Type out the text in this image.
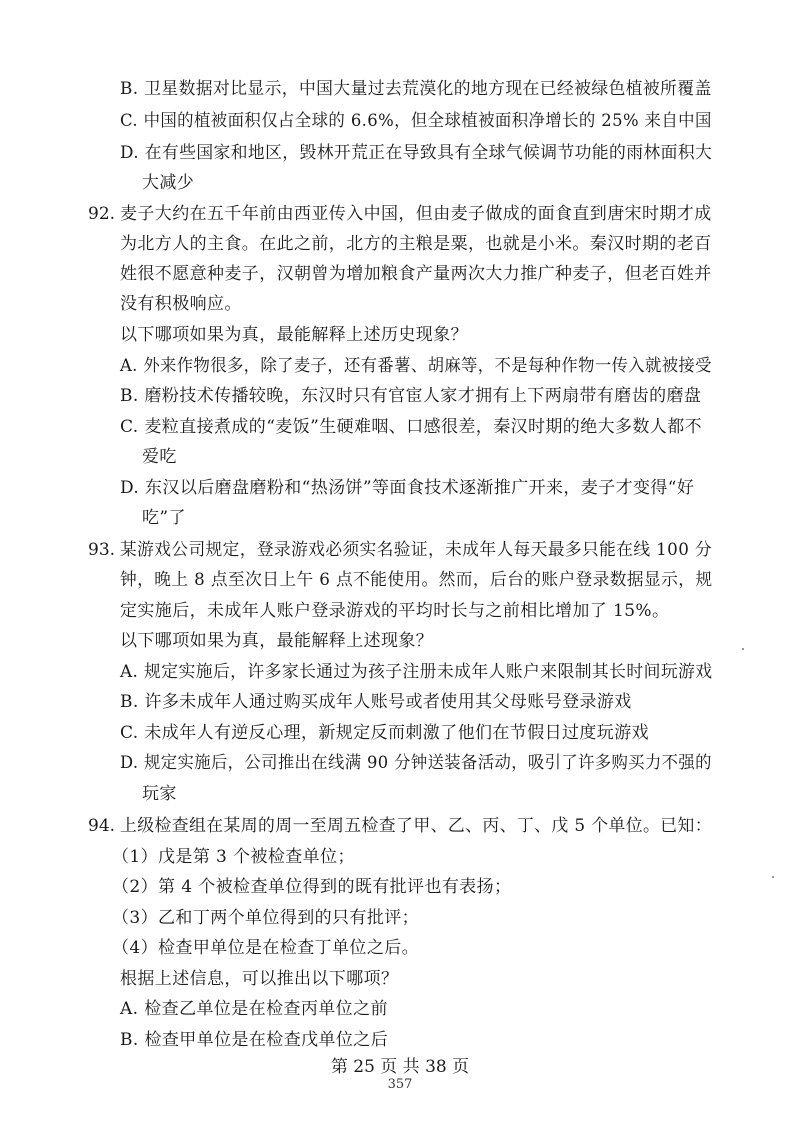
B. 卫星数据对比显示，中国大量过去荒漠化的地方现在已经被绿色植被所覆盖
C. 中国的植被面积仅占全球的 6.6%，但全球植被面积净增长的 25% 来自中国
D. 在有些国家和地区，毁林开荒正在导致具有全球气候调节功能的雨林面积大
大减少
92. 麦子大约在五千年前由西亚传入中国，但由麦子做成的面食直到唐宋时期才成
为北方人的主食。在此之前，北方的主粮是粟，也就是小米。秦汉时期的老百
姓很不愿意种麦子，汉朝曾为增加粮食产量两次大力推广种麦子，但老百姓并
没有积极响应。
以下哪项如果为真，最能解释上述历史现象？
A. 外来作物很多，除了麦子，还有番薯、胡麻等，不是每种作物一传入就被接受
B. 磨粉技术传播较晚，东汉时只有官宦人家才拥有上下两扇带有磨齿的磨盘
C. 麦粒直接煮成的“麦饭”生硬难咽、口感很差，秦汉时期的绝大多数人都不
爱吃
D. 东汉以后磨盘磨粉和“热汤饼”等面食技术逐渐推广开来，麦子才变得“好
吃”了
93. 某游戏公司规定，登录游戏必须实名验证，未成年人每天最多只能在线 100 分
钟，晚上 8 点至次日上午 6 点不能使用。然而，后台的账户登录数据显示，规
定实施后，未成年人账户登录游戏的平均时长与之前相比增加了 15%。
以下哪项如果为真，最能解释上述现象？
A. 规定实施后，许多家长通过为孩子注册未成年人账户来限制其长时间玩游戏
B. 许多未成年人通过购买成年人账号或者使用其父母账号登录游戏
C. 未成年人有逆反心理，新规定反而刺激了他们在节假日过度玩游戏
D. 规定实施后，公司推出在线满 90 分钟送装备活动，吸引了许多购买力不强的
玩家
94. 上级检查组在某周的周一至周五检查了甲、乙、丙、丁、戊 5 个单位。已知：
（1）戊是第 3 个被检查单位；
（2）第 4 个被检查单位得到的既有批评也有表扬；
（3）乙和丁两个单位得到的只有批评；
（4）检查甲单位是在检查丁单位之后。
根据上述信息，可以推出以下哪项？
A. 检查乙单位是在检查丙单位之前
B. 检查甲单位是在检查戊单位之后
第 25 页 共 38 页
357
